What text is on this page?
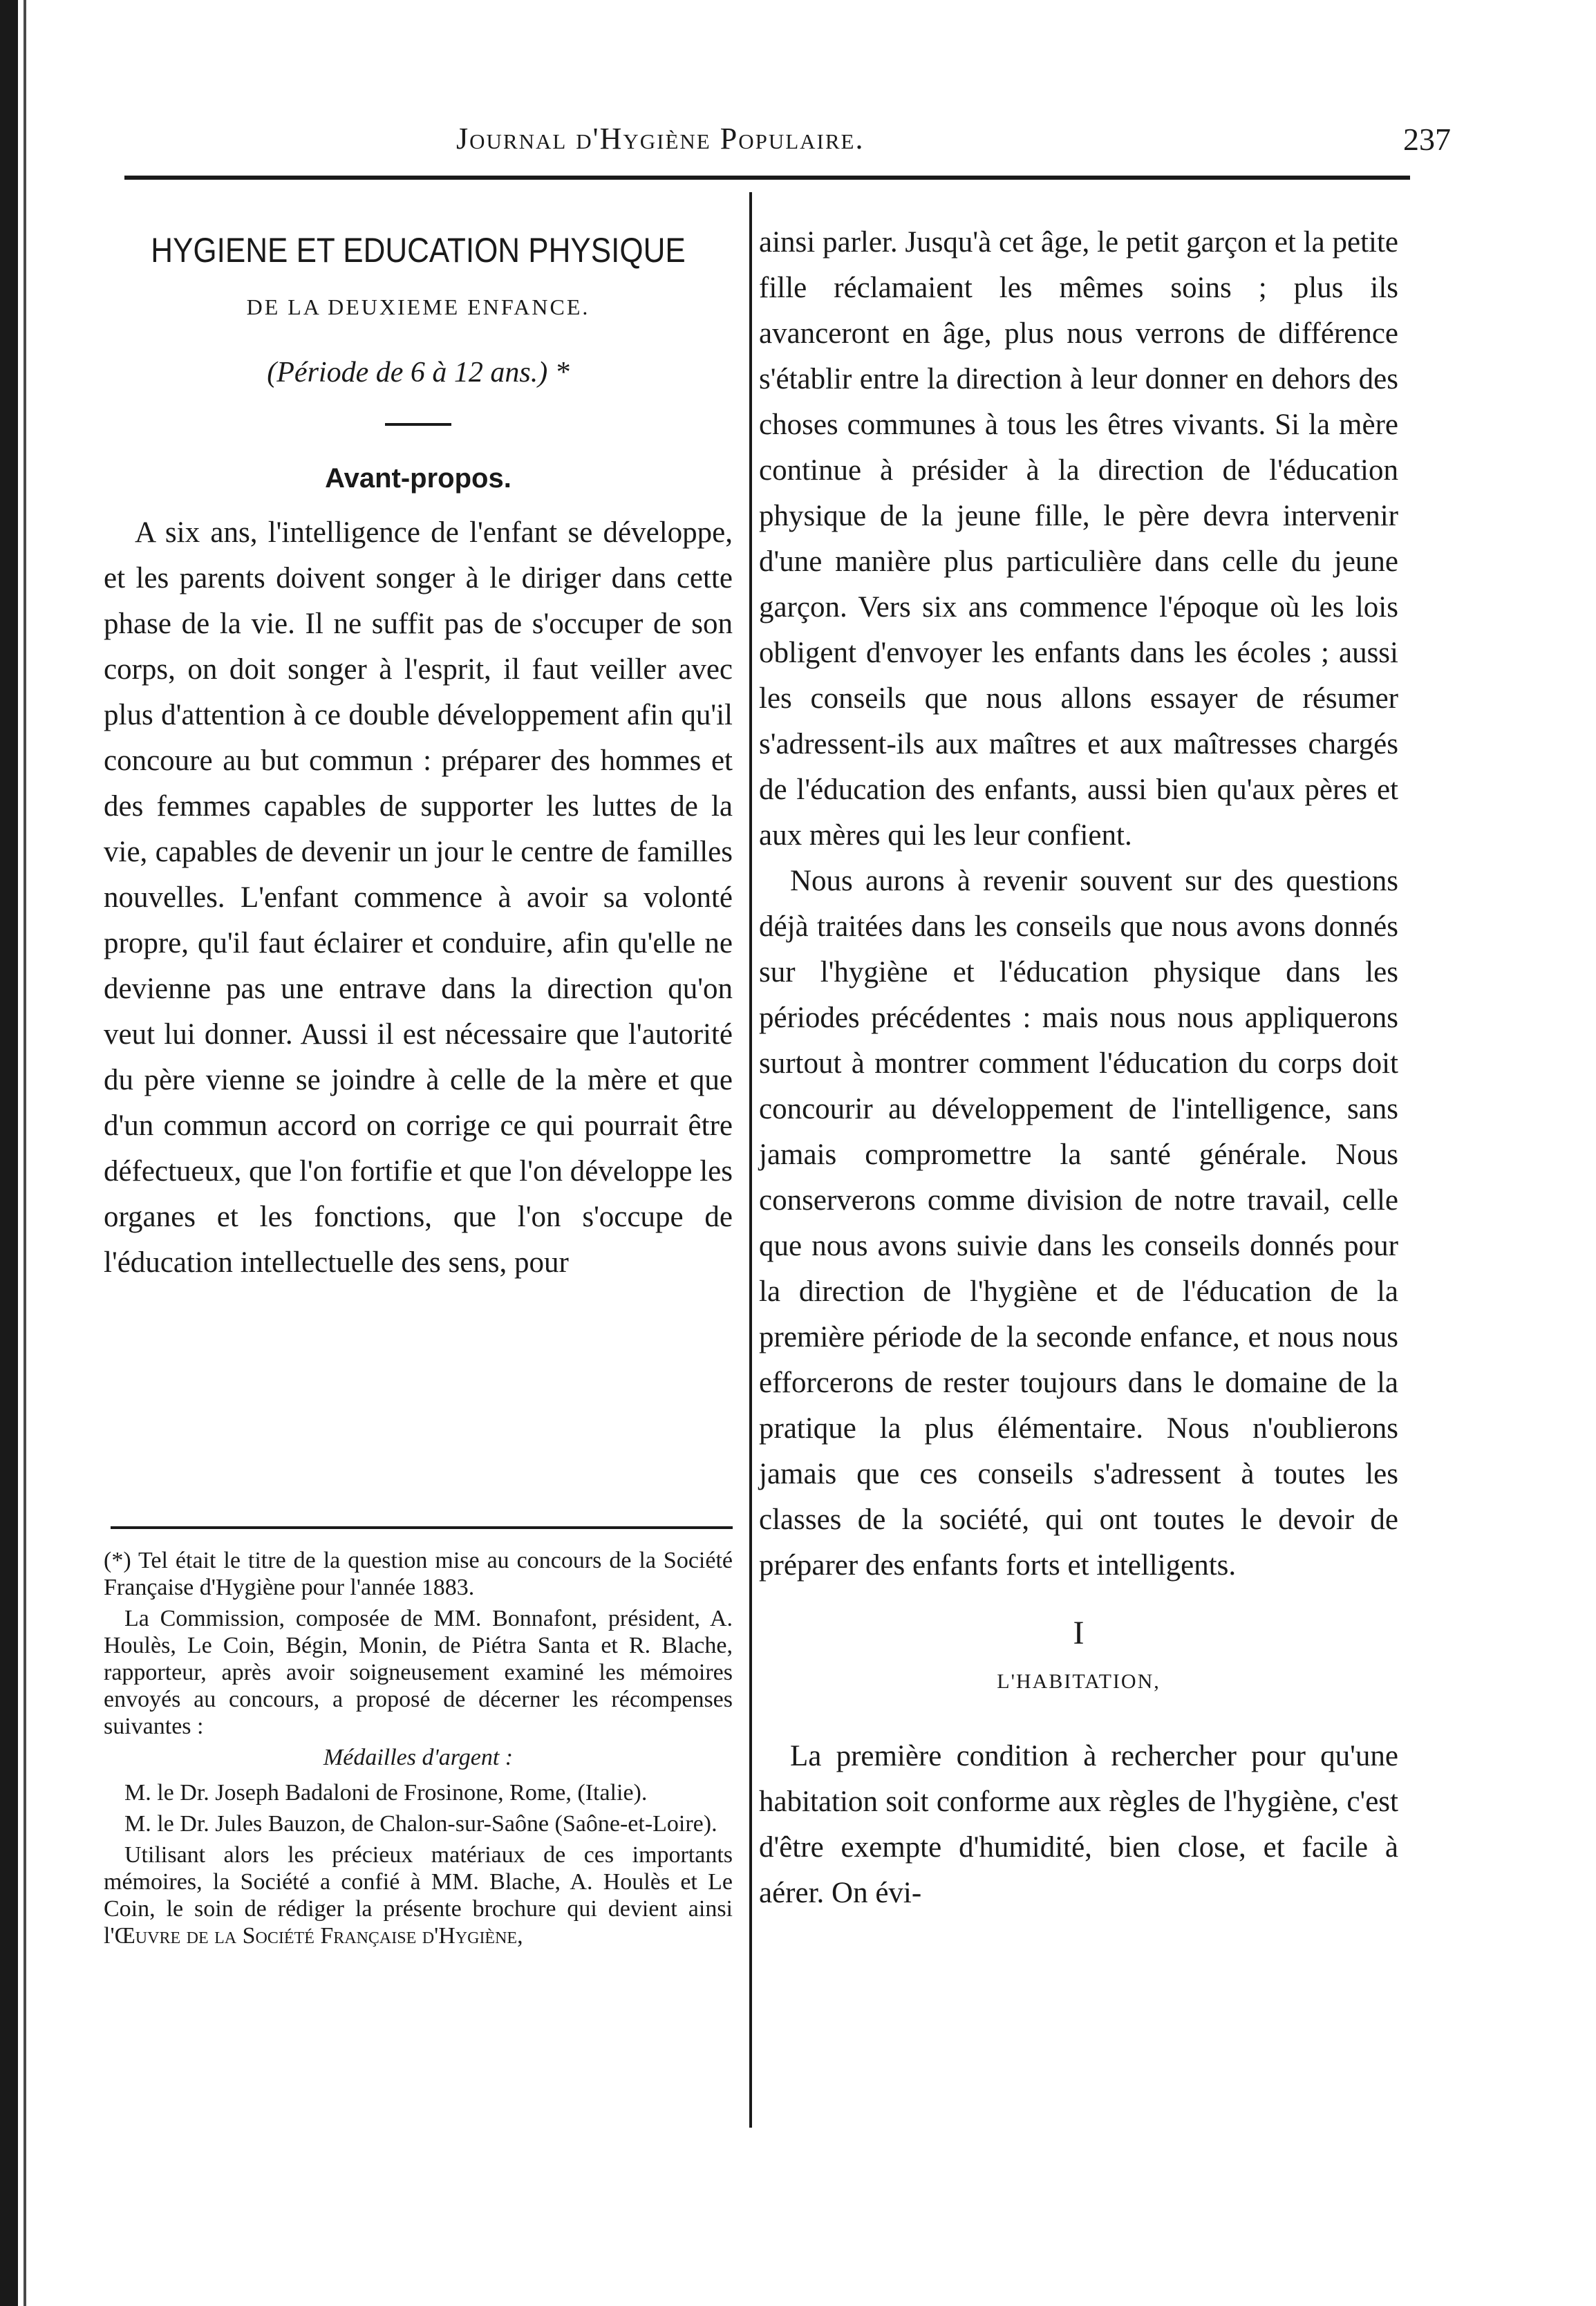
Journal d'Hygiène Populaire.	237
HYGIENE ET EDUCATION PHYSIQUE
DE LA DEUXIEME ENFANCE.
(Période de 6 à 12 ans.) *
Avant-propos.

A six ans, l'intelligence de l'enfant se développe, et les parents doivent songer à le diriger dans cette phase de la vie. Il ne suffit pas de s'occuper de son corps, on doit songer à l'esprit, il faut veiller avec plus d'attention à ce double développement afin qu'il concoure au but commun : préparer des hommes et des femmes capables de supporter les luttes de la vie, capables de devenir un jour le centre de familles nouvelles. L'enfant commence à avoir sa volonté propre, qu'il faut éclairer et conduire, afin qu'elle ne devienne pas une entrave dans la direction qu'on veut lui donner. Aussi il est nécessaire que l'autorité du père vienne se joindre à celle de la mère et que d'un commun accord on corrige ce qui pourrait être défectueux, que l'on fortifie et que l'on développe les organes et les fonctions, que l'on s'occupe de l'éducation intellectuelle des sens, pour

(*) Tel était le titre de la question mise au concours de la Société Française d'Hygiène pour l'année 1883.

La Commission, composée de MM. Bonnafont, président, A. Houlès, Le Coin, Bégin, Monin, de Piétra Santa et R. Blache, rapporteur, après avoir soigneusement examiné les mémoires envoyés au concours, a proposé de décerner les récompenses suivantes :

Médailles d'argent :

M. le Dr. Joseph Badaloni de Frosinone, Rome, (Italie).

M. le Dr. Jules Bauzon, de Chalon-sur-Saône (Saône-et-Loire).

Utilisant alors les précieux matériaux de ces importants mémoires, la Société a confié à MM. Blache, A. Houlès et Le Coin, le soin de rédiger la présente brochure qui devient ainsi l'Œuvre de la Société Française d'Hygiène,

ainsi parler. Jusqu'à cet âge, le petit garçon et la petite fille réclamaient les mêmes soins ; plus ils avanceront en âge, plus nous verrons de différence s'établir entre la direction à leur donner en dehors des choses communes à tous les êtres vivants. Si la mère continue à présider à la direction de l'éducation physique de la jeune fille, le père devra intervenir d'une manière plus particulière dans celle du jeune garçon. Vers six ans commence l'époque où les lois obligent d'envoyer les enfants dans les écoles ; aussi les conseils que nous allons essayer de résumer s'adressent-ils aux maîtres et aux maîtresses chargés de l'éducation des enfants, aussi bien qu'aux pères et aux mères qui les leur confient.

Nous aurons à revenir souvent sur des questions déjà traitées dans les conseils que nous avons donnés sur l'hygiène et l'éducation physique dans les périodes précédentes : mais nous nous appliquerons surtout à montrer comment l'éducation du corps doit concourir au développement de l'intelligence, sans jamais compromettre la santé générale. Nous conserverons comme division de notre travail, celle que nous avons suivie dans les conseils donnés pour la direction de l'hygiène et de l'éducation de la première période de la seconde enfance, et nous nous efforcerons de rester toujours dans le domaine de la pratique la plus élémentaire. Nous n'oublierons jamais que ces conseils s'adressent à toutes les classes de la société, qui ont toutes le devoir de préparer des enfants forts et intelligents.

I
L'HABITATION,

La première condition à rechercher pour qu'une habitation soit conforme aux règles de l'hygiène, c'est d'être exempte d'humidité, bien close, et facile à aérer. On évi-
